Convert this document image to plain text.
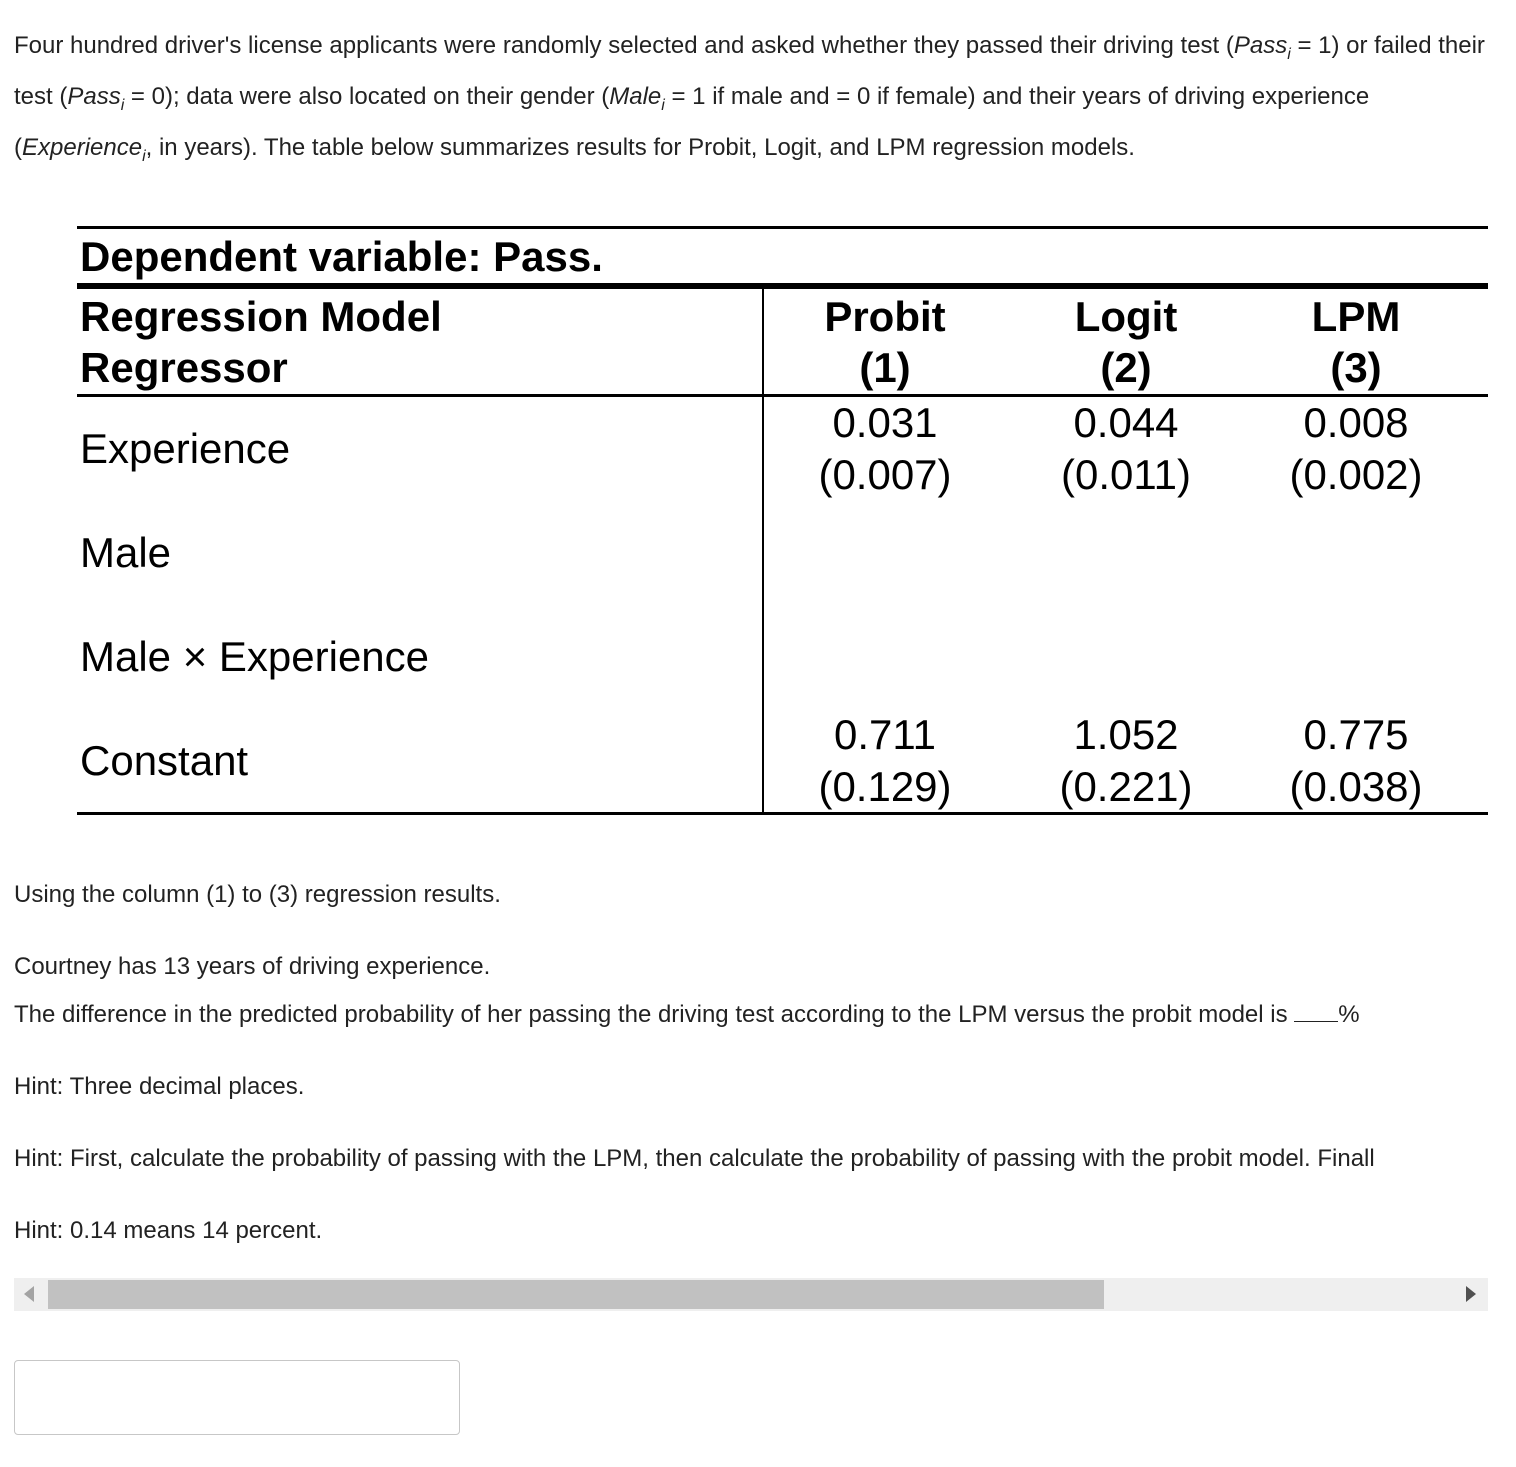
Four hundred driver's license applicants were randomly selected and asked whether they passed their driving test (Pass$_i$ = 1) or failed their test (Pass$_i$ = 0); data were also located on their gender (Male$_i$ = 1 if male and = 0 if female) and their years of driving experience (Experience$_i$, in years). The table below summarizes results for Probit, Logit, and LPM regression models.
Dependent variable: Pass.
Regression Model
Regressor
Probit
(1)
Logit
(2)
LPM
(3)
Experience
0.031
(0.007)
0.044
(0.011)
0.008
(0.002)
Male
Male × Experience
Constant
0.711
(0.129)
1.052
(0.221)
0.775
(0.038)
Using the column (1) to (3) regression results.
Courtney has 13 years of driving experience.
The difference in the predicted probability of her passing the driving test according to the LPM versus the probit model is %
Hint: Three decimal places.
Hint: First, calculate the probability of passing with the LPM, then calculate the probability of passing with the probit model. Finall
Hint: 0.14 means 14 percent.
